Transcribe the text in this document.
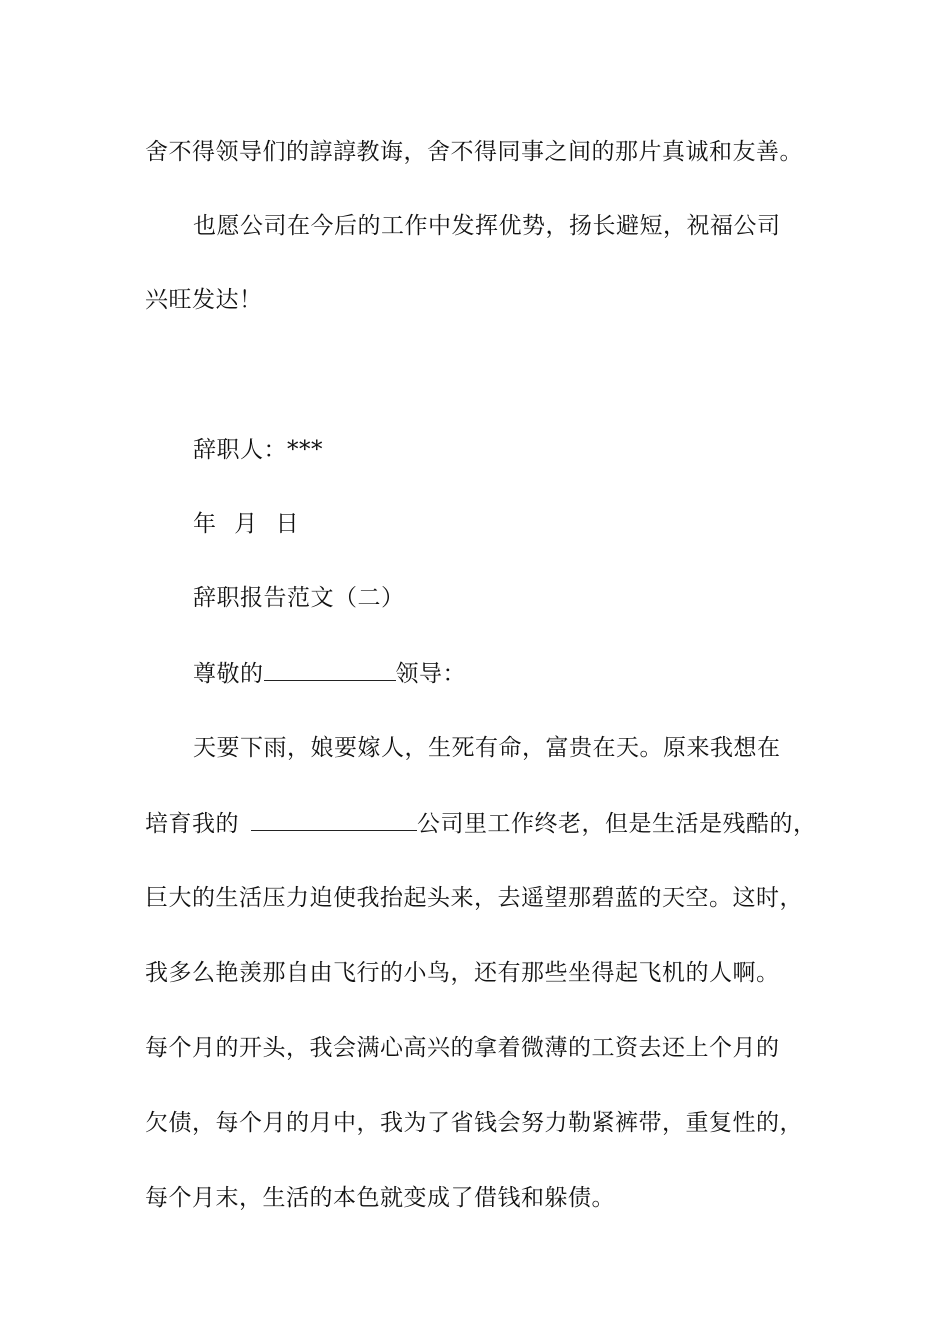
舍不得领导们的諄諄教诲，舍不得同事之间的那片真诚和友善。
也愿公司在今后的工作中发挥优势，扬长避短，祝福公司
兴旺发达！
辞职人：***
年 月 日
辞职报告范文（二）
尊敬的	领导：
天要下雨，娘要嫁人，生死有命，富贵在天。原来我想在
培育我的	公司里工作终老，但是生活是残酷的，
巨大的生活压力迫使我抬起头来，去遥望那碧蓝的天空。这时，
我多么艳羡那自由飞行的小鸟，还有那些坐得起飞机的人啊。
每个月的开头，我会满心高兴的拿着微薄的工资去还上个月的
欠债，每个月的月中，我为了省钱会努力勒紧裤带，重复性的，
每个月末，生活的本色就变成了借钱和躲债。
